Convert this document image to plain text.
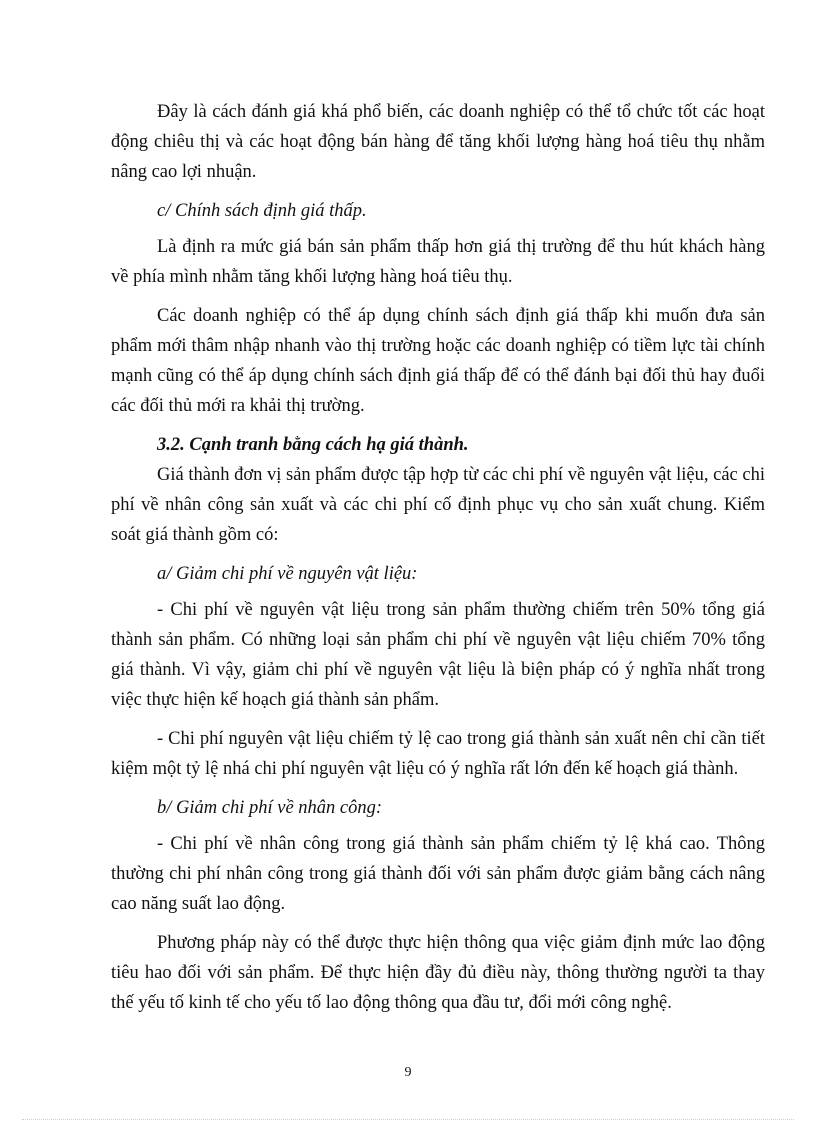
Đây là cách đánh giá khá phổ biến, các doanh nghiệp có thể tổ chức tốt các hoạt động chiêu thị và các hoạt động bán hàng để tăng khối lượng hàng hoá tiêu thụ nhằm nâng cao lợi nhuận.

c/ Chính sách định giá thấp.

Là định ra mức giá bán sản phẩm thấp hơn giá thị trường để thu hút khách hàng về phía mình nhằm tăng khối lượng hàng hoá tiêu thụ.

Các doanh nghiệp có thể áp dụng chính sách định giá thấp khi muốn đưa sản phẩm mới thâm nhập nhanh vào thị trường hoặc các doanh nghiệp có tiềm lực tài chính mạnh cũng có thể áp dụng chính sách định giá thấp để có thể đánh bại đối thủ hay đuổi các đối thủ mới ra khải thị trường.

3.2. Cạnh tranh bằng cách hạ giá thành.

Giá thành đơn vị sản phẩm được tập hợp từ các chi phí về nguyên vật liệu, các chi phí về nhân công sản xuất và các chi phí cố định phục vụ cho sản xuất chung. Kiểm soát giá thành gồm có:

a/ Giảm chi phí về nguyên vật liệu:

- Chi phí về nguyên vật liệu trong sản phẩm thường chiếm trên 50% tổng giá thành sản phẩm. Có những loại sản phẩm chi phí về nguyên vật liệu chiếm 70% tổng giá thành. Vì vậy, giảm chi phí về nguyên vật liệu là biện pháp có ý nghĩa nhất trong việc thực hiện kế hoạch giá thành sản phẩm.

- Chi phí nguyên vật liệu chiếm tỷ lệ cao trong giá thành sản xuất nên chỉ cần tiết kiệm một tỷ lệ nhá chi phí nguyên vật liệu có ý nghĩa rất lớn đến kế hoạch giá thành.

b/ Giảm chi phí về nhân công:

- Chi phí về nhân công trong giá thành sản phẩm chiếm tỷ lệ khá cao. Thông thường chi phí nhân công trong giá thành đối với sản phẩm được giảm bằng cách nâng cao năng suất lao động.

Phương pháp này có thể được thực hiện thông qua việc giảm định mức lao động tiêu hao đối với sản phẩm. Để thực hiện đầy đủ điều này, thông thường người ta thay thế yếu tố kinh tế cho yếu tố lao động thông qua đầu tư, đổi mới công nghệ.

9
